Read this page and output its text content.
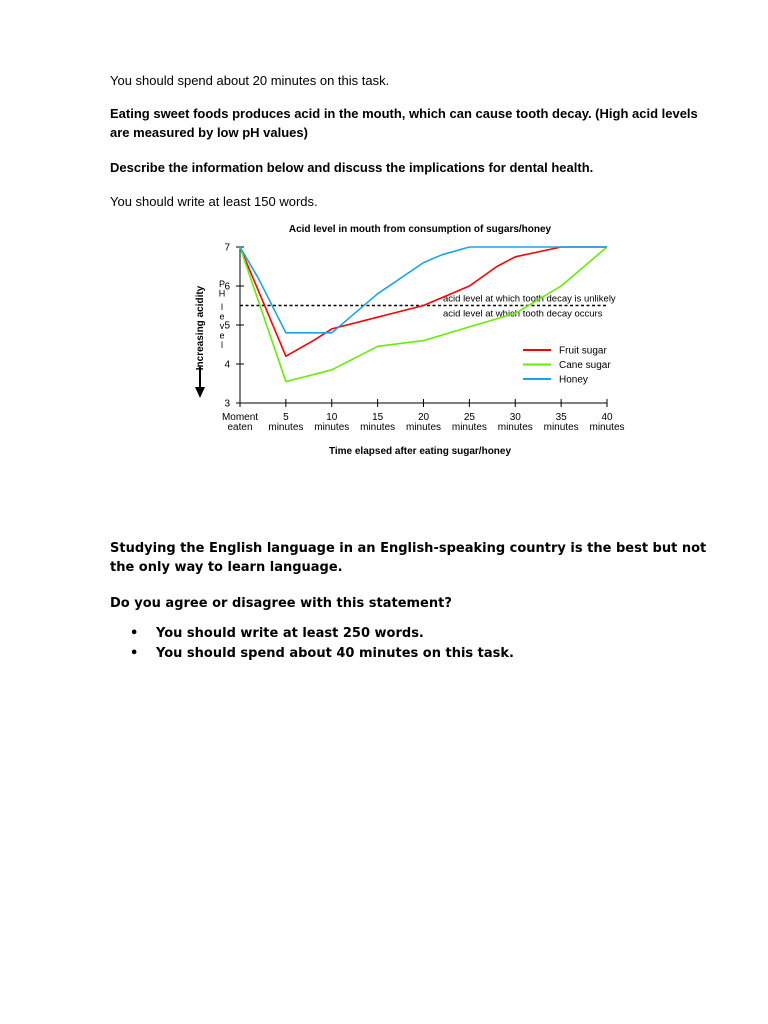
You should spend about 20 minutes on this task.

Eating sweet foods produces acid in the mouth, which can cause tooth decay. (High acid levels are measured by low pH values)

Describe the information below and discuss the implications for dental health.

You should write at least 150 words.

Acid level in mouth from consumption of sugars/honey
Increasing acidity
P
H
l
e
v
e
l
3
4
5
6
7
Moment
eaten
5
minutes
10
minutes
15
minutes
20
minutes
25
minutes
30
minutes
35
minutes
40
minutes
acid level at which tooth decay is unlikely
acid level at which tooth decay occurs
Fruit sugar
Cane sugar
Honey
Time elapsed after eating sugar/honey

Studying the English language in an English-speaking country is the best but not the only way to learn language.

Do you agree or disagree with this statement?

• You should write at least 250 words.
• You should spend about 40 minutes on this task.
